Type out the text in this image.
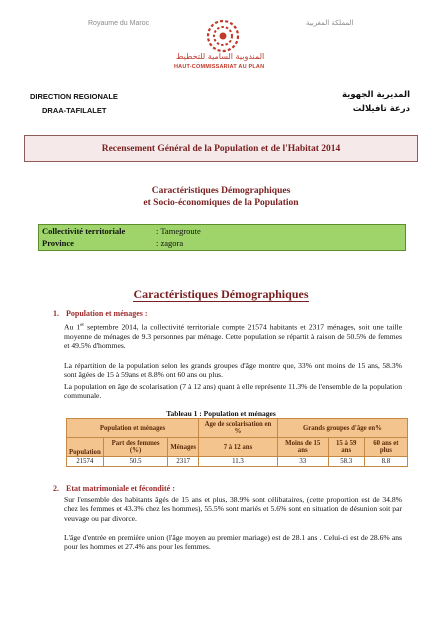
Royaume du Maroc	المملكة المغربية
المندوبية السامية للتخطيط
HAUT-COMMISSARIAT AU PLAN
DIRECTION REGIONALE
DRAA-TAFILALET
المديرية الجهوية
درعة تافيلالت
Recensement Général de la Population et de l'Habitat 2014
Caractéristiques Démographiques
et Socio-économiques de la Population
Collectivité territoriale	: Tamegroute
Province	: zagora
Caractéristiques Démographiques
1. Population et ménages :
Au 1er septembre 2014, la collectivité territoriale compte 21574 habitants et 2317 ménages, soit une taille moyenne de ménages de 9.3 personnes par ménage. Cette population se répartit à raison de 50.5% de femmes et 49.5% d'hommes.
La répartition de la population selon les grands groupes d'âge montre que, 33% ont moins de 15 ans, 58.3% sont âgées de 15 à 59ans et 8.8% ont 60 ans ou plus.
La population en âge de scolarisation (7 à 12 ans) quant à elle représente 11.3% de l'ensemble de la population communale.
Tableau 1 : Population et ménages
Population et ménages			Age de scolarisation en %	Grands groupes d'âge en%		
Population	Part des femmes (%)	Ménages	7 à 12 ans	Moins de 15 ans	15 à 59 ans	60 ans et plus
21574	50.5	2317	11.3	33	58.3	8.8
2. Etat matrimoniale et fécondité :
Sur l'ensemble des habitants âgés de 15 ans et plus, 38.9% sont célibataires, (cette proportion est de 34.8% chez les femmes et 43.3% chez les hommes), 55.5% sont mariés et 5.6% sont en situation de désunion soit par veuvage ou par divorce.
L'âge d'entrée en première union (l'âge moyen au premier mariage) est de 28.1 ans . Celui-ci est de 28.6% ans pour les hommes et 27.4% ans pour les femmes.
